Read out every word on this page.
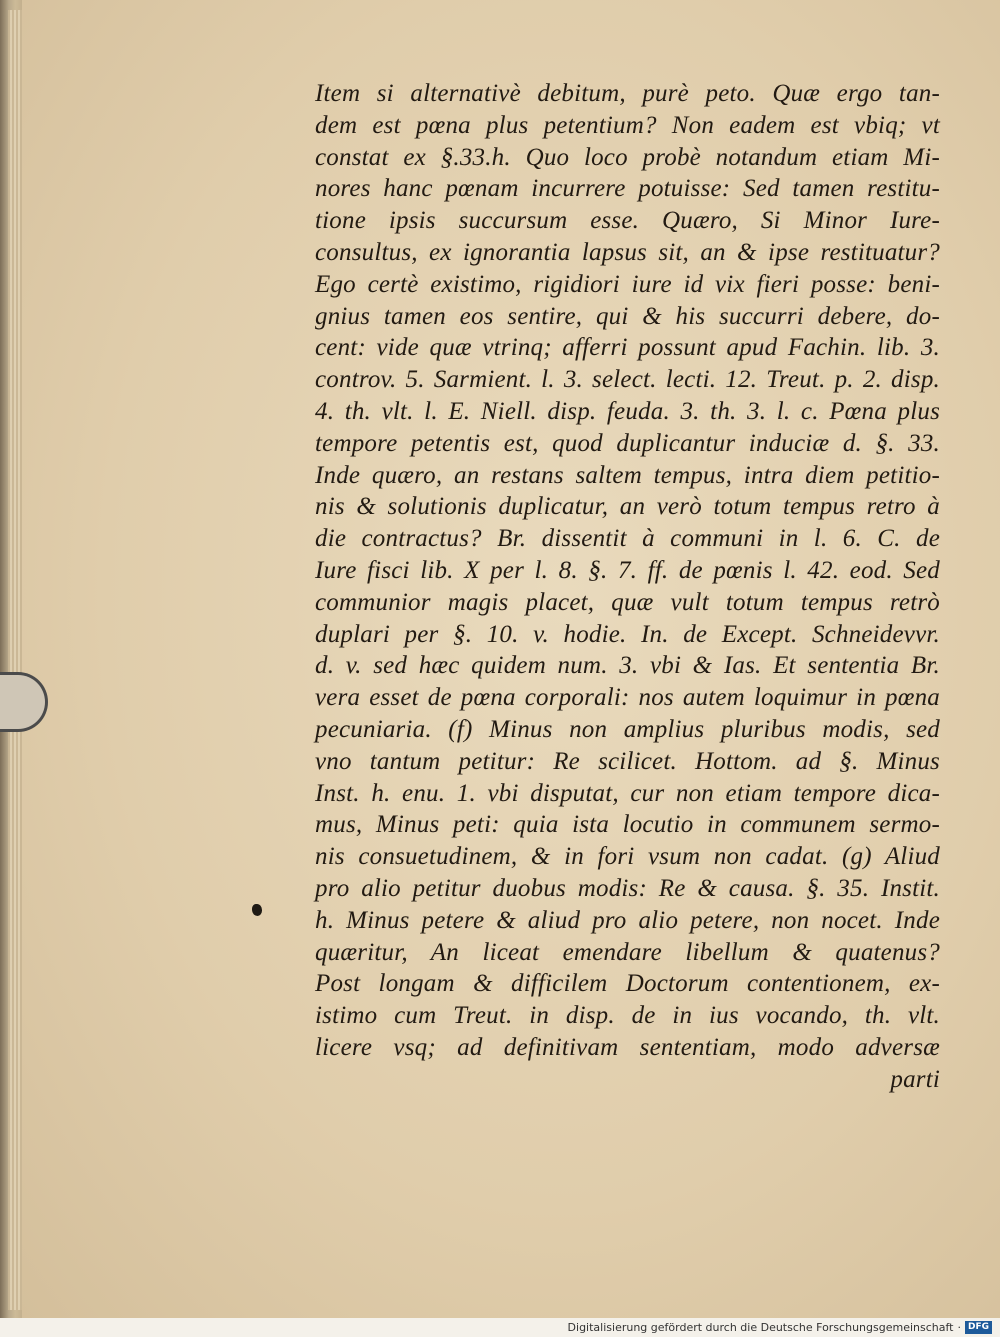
Item si alternativè debitum, purè peto. Quæ ergo tan-
dem est pœna plus petentium? Non eadem est vbiq; vt
constat ex §.33.h. Quo loco probè notandum etiam Mi-
nores hanc pœnam incurrere potuisse: Sed tamen restitu-
tione ipsis succursum esse. Quæro, Si Minor Iure-
consultus, ex ignorantia lapsus sit, an & ipse restituatur?
Ego certè existimo, rigidiori iure id vix fieri posse: beni-
gnius tamen eos sentire, qui & his succurri debere, do-
cent: vide quæ vtrinq; afferri possunt apud Fachin. lib. 3.
controv. 5. Sarmient. l. 3. select. lecti. 12. Treut. p. 2. disp.
4. th. vlt. l. E. Niell. disp. feuda. 3. th. 3. l. c. Pœna plus
tempore petentis est, quod duplicantur induciæ d. §. 33.
Inde quæro, an restans saltem tempus, intra diem petitio-
nis & solutionis duplicatur, an verò totum tempus retro à
die contractus? Br. dissentit à communi in l. 6. C. de
Iure fisci lib. X per l. 8. §. 7. ff. de pœnis l. 42. eod. Sed
communior magis placet, quæ vult totum tempus retrò
duplari per §. 10. v. hodie. In. de Except. Schneidevvr.
d. v. sed hæc quidem num. 3. vbi & Ias. Et sententia Br.
vera esset de pœna corporali: nos autem loquimur in pœna
pecuniaria. (f) Minus non amplius pluribus modis, sed
vno tantum petitur: Re scilicet. Hottom. ad §. Minus
Inst. h. enu. 1. vbi disputat, cur non etiam tempore dica-
mus, Minus peti: quia ista locutio in communem sermo-
nis consuetudinem, & in fori vsum non cadat. (g) Aliud
pro alio petitur duobus modis: Re & causa. §. 35. Instit.
h. Minus petere & aliud pro alio petere, non nocet. Inde
quæritur, An liceat emendare libellum & quatenus?
Post longam & difficilem Doctorum contentionem, ex-
istimo cum Treut. in disp. de in ius vocando, th. vlt.
licere vsq; ad definitivam sententiam, modo adversæ
parti
Digitalisierung gefördert durch die Deutsche Forschungsgemeinschaft · DFG
